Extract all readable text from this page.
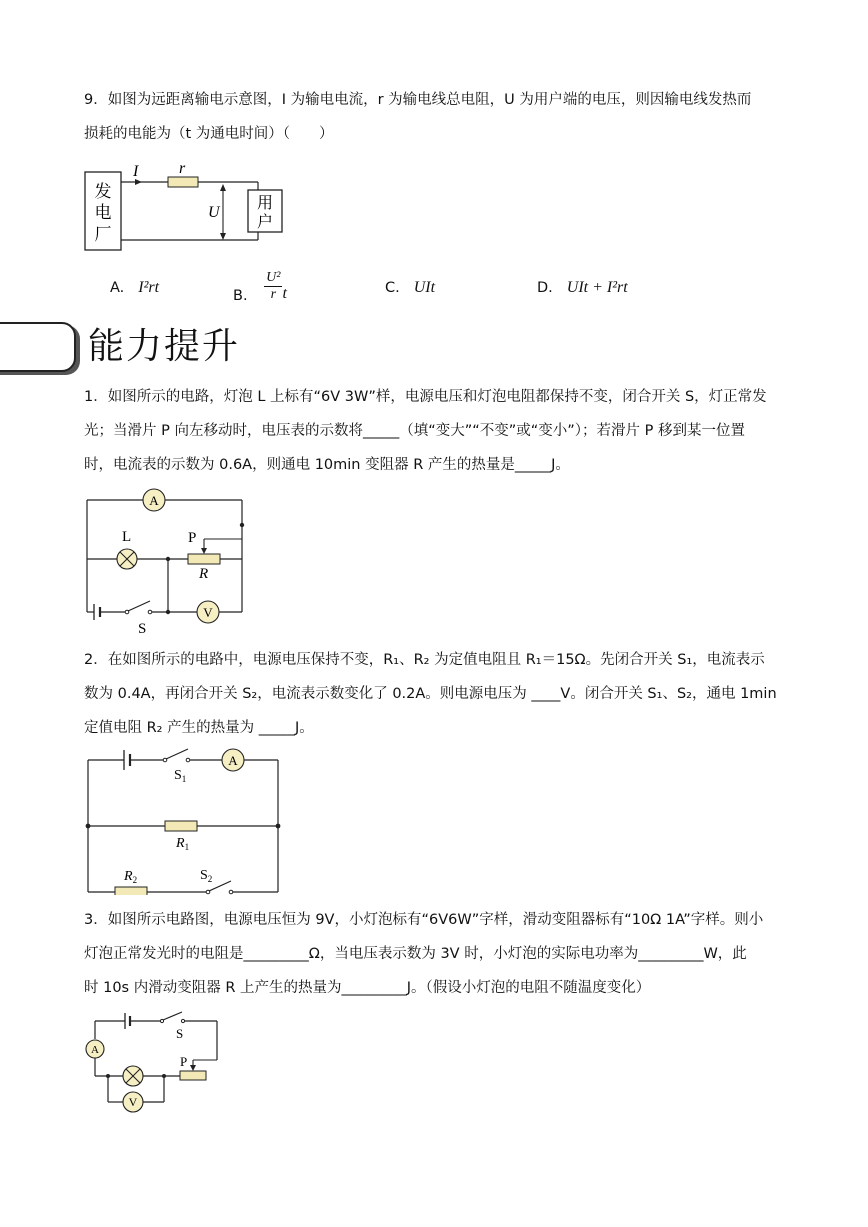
9．如图为远距离输电示意图，I 为输电电流，r 为输电线总电阻，U 为用户端的电压，则因输电线发热而

损耗的电能为（t 为通电时间）（　　）

发
电
厂
I	r
用
户
U
A. I²rt	B. $\frac{\text{U²}}{r}$ t	C. UIt	D. UIt + I²rt
能力提升

1．如图所示的电路，灯泡 L 上标有“6V 3W”样，电源电压和灯泡电阻都保持不变，闭合开关 S，灯正常发

光；当滑片 P 向左移动时，电压表的示数将_____（填“变大”“不变”或“变小”）；若滑片 P 移到某一位置

时，电流表的示数为 0.6A，则通电 10min 变阻器 R 产生的热量是_____J。

A
L	P
R
S
V

2．在如图所示的电路中，电源电压保持不变，R₁、R₂ 为定值电阻且 R₁＝15Ω。先闭合开关 S₁，电流表示

数为 0.4A，再闭合开关 S₂，电流表示数变化了 0.2A。则电源电压为 ____V。闭合开关 S₁、S₂，通电 1min

定值电阻 R₂ 产生的热量为 _____J。

$S_1$
A
$R_1$
$R_2$	$S_2$

3．如图所示电路图，电源电压恒为 9V，小灯泡标有“6V6W”字样，滑动变阻器标有“10Ω 1A”字样。则小

灯泡正常发光时的电阻是_________Ω，当电压表示数为 3V 时，小灯泡的实际电功率为_________W，此

时 10s 内滑动变阻器 R 上产生的热量为_________J。（假设小灯泡的电阻不随温度变化）

S
A
P
V
